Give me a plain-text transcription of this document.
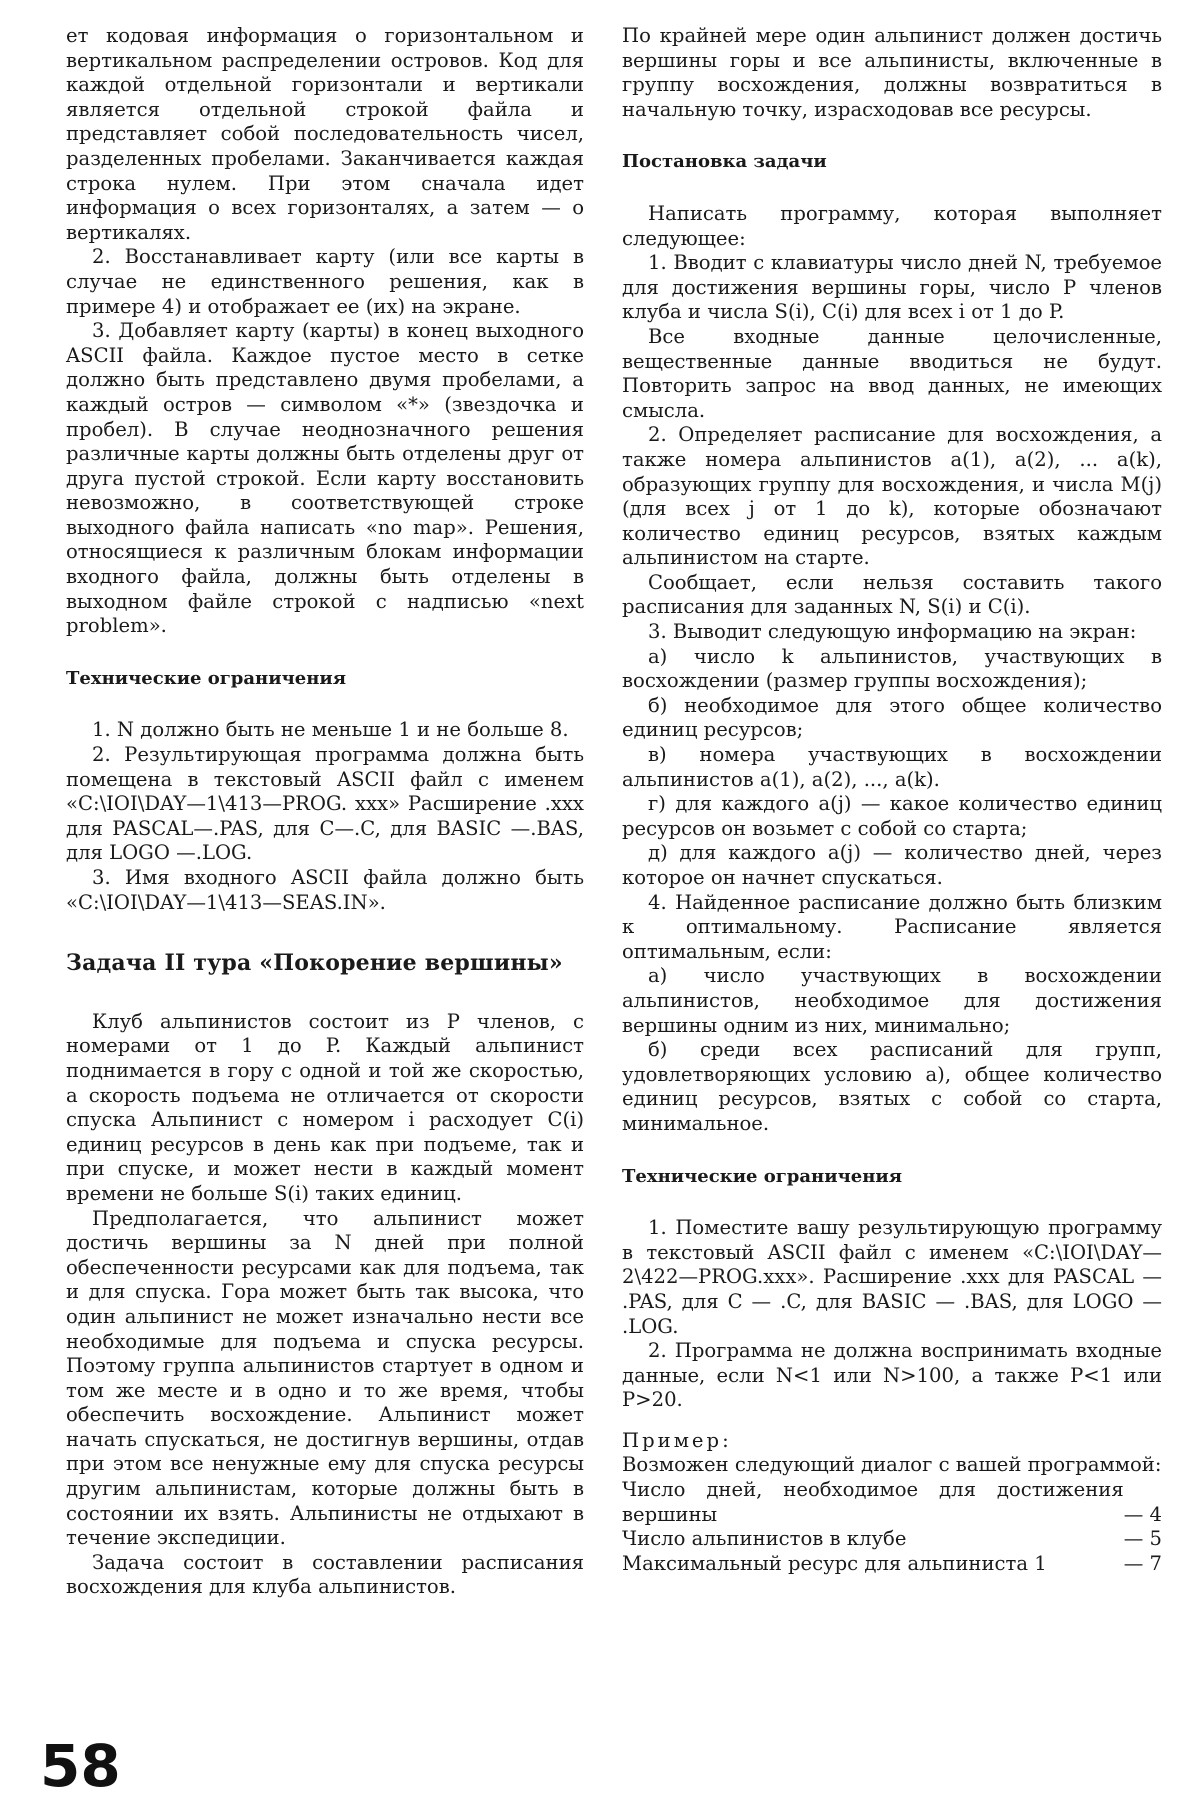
ет кодовая информация о горизонтальном и вертикальном распределении островов. Код для каждой отдельной горизонтали и вертикали является отдельной строкой файла и представляет собой последовательность чисел, разделенных пробелами. Заканчивается каждая строка нулем. При этом сначала идет информация о всех горизонталях, а затем — о вертикалях.

2. Восстанавливает карту (или все карты в случае не единственного решения, как в примере 4) и отображает ее (их) на экране.

3. Добавляет карту (карты) в конец выходного ASCII файла. Каждое пустое место в сетке должно быть представлено двумя пробелами, а каждый остров — символом «*» (звездочка и пробел). В случае неоднозначного решения различные карты должны быть отделены друг от друга пустой строкой. Если карту восстановить невозможно, в соответствующей строке выходного файла написать «no map». Решения, относящиеся к различным блокам информации входного файла, должны быть отделены в выходном файле строкой с надписью «next problem».

Технические ограничения

1. N должно быть не меньше 1 и не больше 8.

2. Результирующая программа должна быть помещена в текстовый ASCII файл с именем «C:\IOI\DAY—1\413—PROG. xxx» Расширение .xxx для PASCAL—.PAS, для C—.C, для BASIC —.BAS, для LOGO —.LOG.

3. Имя входного ASCII файла должно быть «C:\IOI\DAY—1\413—SEAS.IN».

Задача II тура «Покорение вершины»

Клуб альпинистов состоит из P членов, с номерами от 1 до P. Каждый альпинист поднимается в гору с одной и той же скоростью, а скорость подъема не отличается от скорости спуска Альпинист с номером i расходует C(i) единиц ресурсов в день как при подъеме, так и при спуске, и может нести в каждый момент времени не больше S(i) таких единиц.

Предполагается, что альпинист может достичь вершины за N дней при полной обеспеченности ресурсами как для подъема, так и для спуска. Гора может быть так высока, что один альпинист не может изначально нести все необходимые для подъема и спуска ресурсы. Поэтому группа альпинистов стартует в одном и том же месте и в одно и то же время, чтобы обеспечить восхождение. Альпинист может начать спускаться, не достигнув вершины, отдав при этом все ненужные ему для спуска ресурсы другим альпинистам, которые должны быть в состоянии их взять. Альпинисты не отдыхают в течение экспедиции.

Задача состоит в составлении расписания восхождения для клуба альпинистов.

По крайней мере один альпинист должен достичь вершины горы и все альпинисты, включенные в группу восхождения, должны возвратиться в начальную точку, израсходовав все ресурсы.

Постановка задачи

Написать программу, которая выполняет следующее:

1. Вводит с клавиатуры число дней N, требуемое для достижения вершины горы, число P членов клуба и числа S(i), C(i) для всех i от 1 до P.

Все входные данные целочисленные, вещественные данные вводиться не будут. Повторить запрос на ввод данных, не имеющих смысла.

2. Определяет расписание для восхождения, а также номера альпинистов a(1), a(2), ... a(k), образующих группу для восхождения, и числа M(j) (для всех j от 1 до k), которые обозначают количество единиц ресурсов, взятых каждым альпинистом на старте.

Сообщает, если нельзя составить такого расписания для заданных N, S(i) и C(i).

3. Выводит следующую информацию на экран:

а) число k альпинистов, участвующих в восхождении (размер группы восхождения);

б) необходимое для этого общее количество единиц ресурсов;

в) номера участвующих в восхождении альпинистов a(1), a(2), ..., a(k).

г) для каждого a(j) — какое количество единиц ресурсов он возьмет с собой со старта;

д) для каждого a(j) — количество дней, через которое он начнет спускаться.

4. Найденное расписание должно быть близким к оптимальному. Расписание является оптимальным, если:

а) число участвующих в восхождении альпинистов, необходимое для достижения вершины одним из них, минимально;

б) среди всех расписаний для групп, удовлетворяющих условию а), общее количество единиц ресурсов, взятых с собой со старта, минимальное.

Технические ограничения

1. Поместите вашу результирующую программу в текстовый ASCII файл с именем «C:\IOI\DAY—2\422—PROG.xxx». Расширение .xxx для PASCAL — .PAS, для C — .C, для BASIC — .BAS, для LOGO — .LOG.

2. Программа не должна воспринимать входные данные, если N<1 или N>100, а также P<1 или P>20.

Пример:

Возможен следующий диалог с вашей программой:

Число дней, необходимое для достижения вершины	— 4
Число альпинистов в клубе	— 5
Максимальный ресурс для альпиниста 1	— 7
58
